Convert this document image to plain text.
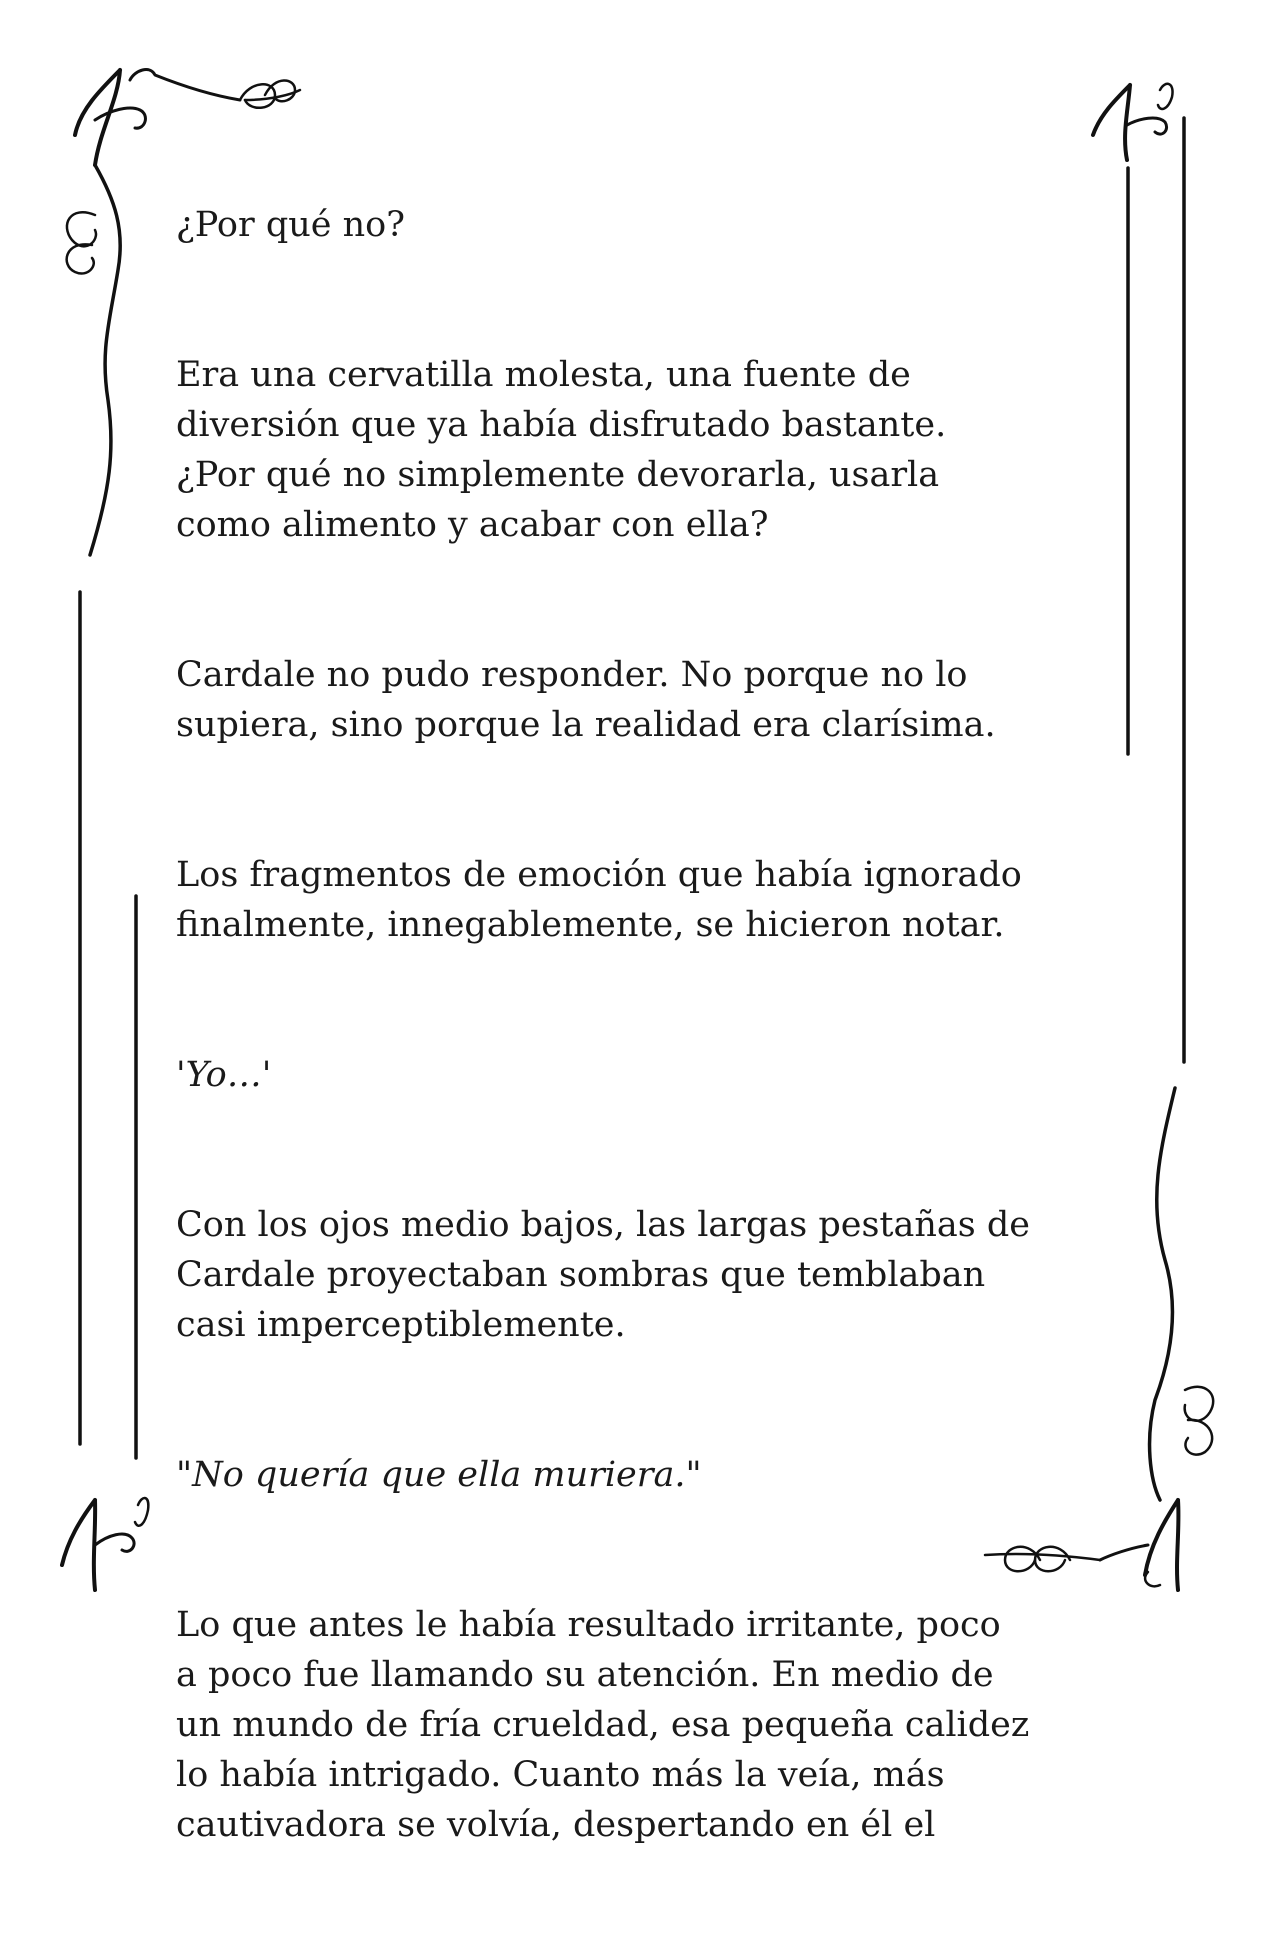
¿Por qué no?

Era una cervatilla molesta, una fuente de
diversión que ya había disfrutado bastante.
¿Por qué no simplemente devorarla, usarla
como alimento y acabar con ella?

Cardale no pudo responder. No porque no lo
supiera, sino porque la realidad era clarísima.

Los fragmentos de emoción que había ignorado
finalmente, innegablemente, se hicieron notar.

'Yo…'

Con los ojos medio bajos, las largas pestañas de
Cardale proyectaban sombras que temblaban
casi imperceptiblemente.

"No quería que ella muriera."

Lo que antes le había resultado irritante, poco
a poco fue llamando su atención. En medio de
un mundo de fría crueldad, esa pequeña calidez
lo había intrigado. Cuanto más la veía, más
cautivadora se volvía, despertando en él el
